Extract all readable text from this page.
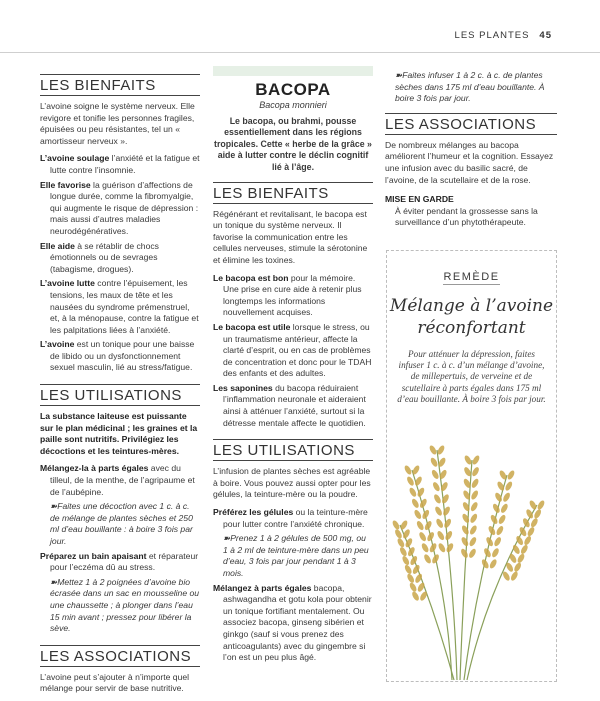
LES PLANTES 45
LES BIENFAITS

L’avoine soigne le système nerveux. Elle revigore et tonifie les personnes fragiles, épuisées ou peu résistantes, tel un « amortisseur nerveux ».

L’avoine soulage l’anxiété et la fatigue et lutte contre l’insomnie.

Elle favorise la guérison d’affections de longue durée, comme la fibromyalgie, qui augmente le risque de dépression : mais aussi d’autres maladies neurodégénératives.

Elle aide à se rétablir de chocs émotionnels ou de sevrages (tabagisme, drogues).

L’avoine lutte contre l’épuisement, les tensions, les maux de tête et les nausées du syndrome prémenstruel, et, à la ménopause, contre la fatigue et les palpitations liées à l’anxiété.

L’avoine est un tonique pour une baisse de libido ou un dysfonctionnement sexuel masculin, lié au stress/fatigue.

LES UTILISATIONS

La substance laiteuse est puissante sur le plan médicinal ; les graines et la paille sont nutritifs. Privilégiez les décoctions et les teintures-mères.

Mélangez-la à parts égales avec du tilleul, de la menthe, de l’agripaume et de l’aubépine.

➽Faites une décoction avec 1 c. à c. de mélange de plantes sèches et 250 ml d’eau bouillante : à boire 3 fois par jour.

Préparez un bain apaisant et réparateur pour l’eczéma dû au stress.

➽Mettez 1 à 2 poignées d’avoine bio écrasée dans un sac en mousseline ou une chaussette ; à plonger dans l’eau 15 min avant ; pressez pour libérer la sève.
LES ASSOCIATIONS

L’avoine peut s’ajouter à n’importe quel mélange pour servir de base nutritive.

BACOPA
Bacopa monnieri
Le bacopa, ou brahmi, pousse essentiellement dans les régions tropicales. Cette « herbe de la grâce » aide à lutter contre le déclin cognitif lié à l’âge.
LES BIENFAITS

Régénérant et revitalisant, le bacopa est un tonique du système nerveux. Il favorise la communication entre les cellules nerveuses, stimule la sérotonine et élimine les toxines.

Le bacopa est bon pour la mémoire. Une prise en cure aide à retenir plus longtemps les informations nouvellement acquises.

Le bacopa est utile lorsque le stress, ou un traumatisme antérieur, affecte la clarté d’esprit, ou en cas de problèmes de concentration et donc pour le TDAH des enfants et des adultes.

Les saponines du bacopa réduiraient l’inflammation neuronale et aideraient ainsi à atténuer l’anxiété, surtout si la détresse mentale affecte le quotidien.

LES UTILISATIONS

L’infusion de plantes sèches est agréable à boire. Vous pouvez aussi opter pour les gélules, la teinture-mère ou la poudre.

Préférez les gélules ou la teinture-mère pour lutter contre l’anxiété chronique.

➽Prenez 1 à 2 gélules de 500 mg, ou 1 à 2 ml de teinture-mère dans un peu d’eau, 3 fois par jour pendant 1 à 3 mois.

Mélangez à parts égales bacopa, ashwagandha et gotu kola pour obtenir un tonique fortifiant mentalement. Ou associez bacopa, ginseng sibérien et ginkgo (sauf si vous prenez des anticoagulants) avec du gingembre si l’on est un peu plus âgé.

➽Faites infuser 1 à 2 c. à c. de plantes sèches dans 175 ml d’eau bouillante. À boire 3 fois par jour.
LES ASSOCIATIONS

De nombreux mélanges au bacopa améliorent l’humeur et la cognition. Essayez une infusion avec du basilic sacré, de l’avoine, de la scutellaire et de la rose.

MISE EN GARDE

À éviter pendant la grossesse sans la surveillance d’un phytothérapeute.

REMÈDE
Mélange à l’avoine
réconfortant
Pour atténuer la dépression, faites infuser 1 c. à c. d’un mélange d’avoine, de millepertuis, de verveine et de scutellaire à parts égales dans 175 ml d’eau bouillante. À boire 3 fois par jour.
